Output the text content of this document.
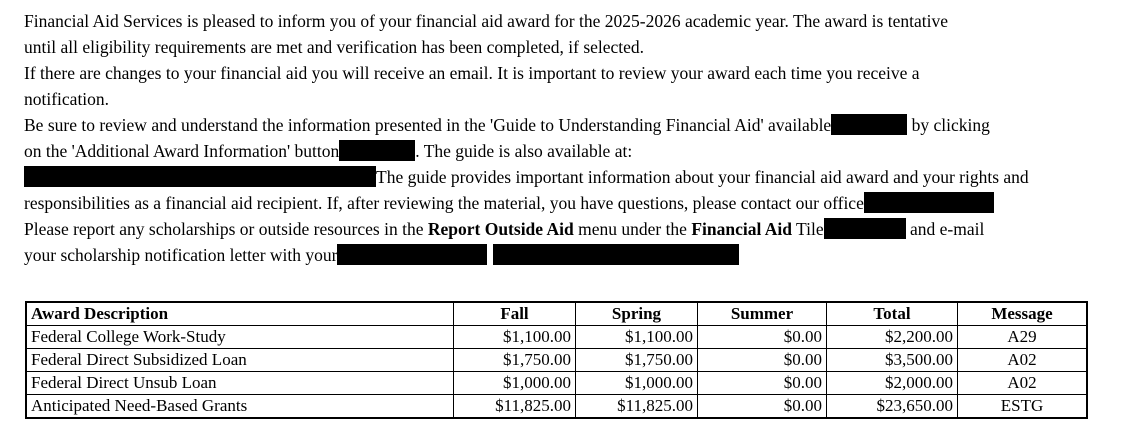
Financial Aid Services is pleased to inform you of your financial aid award for the 2025-2026 academic year. The award is tentative
until all eligibility requirements are met and verification has been completed, if selected.
If there are changes to your financial aid you will receive an email. It is important to review your award each time you receive a
notification.
Be sure to review and understand the information presented in the 'Guide to Understanding Financial Aid' available	by clicking
on the 'Additional Award Information' button	. The guide is also available at:
The guide provides important information about your financial aid award and your rights and
responsibilities as a financial aid recipient. If, after reviewing the material, you have questions, please contact our office
Please report any scholarships or outside resources in the Report Outside Aid menu under the Financial Aid Tile	and e-mail
your scholarship notification letter with your
Award Description	Fall	Spring	Summer	Total	Message
Federal College Work-Study	$1,100.00	$1,100.00	$0.00	$2,200.00	A29
Federal Direct Subsidized Loan	$1,750.00	$1,750.00	$0.00	$3,500.00	A02
Federal Direct Unsub Loan	$1,000.00	$1,000.00	$0.00	$2,000.00	A02
Anticipated Need-Based Grants	$11,825.00	$11,825.00	$0.00	$23,650.00	ESTG
